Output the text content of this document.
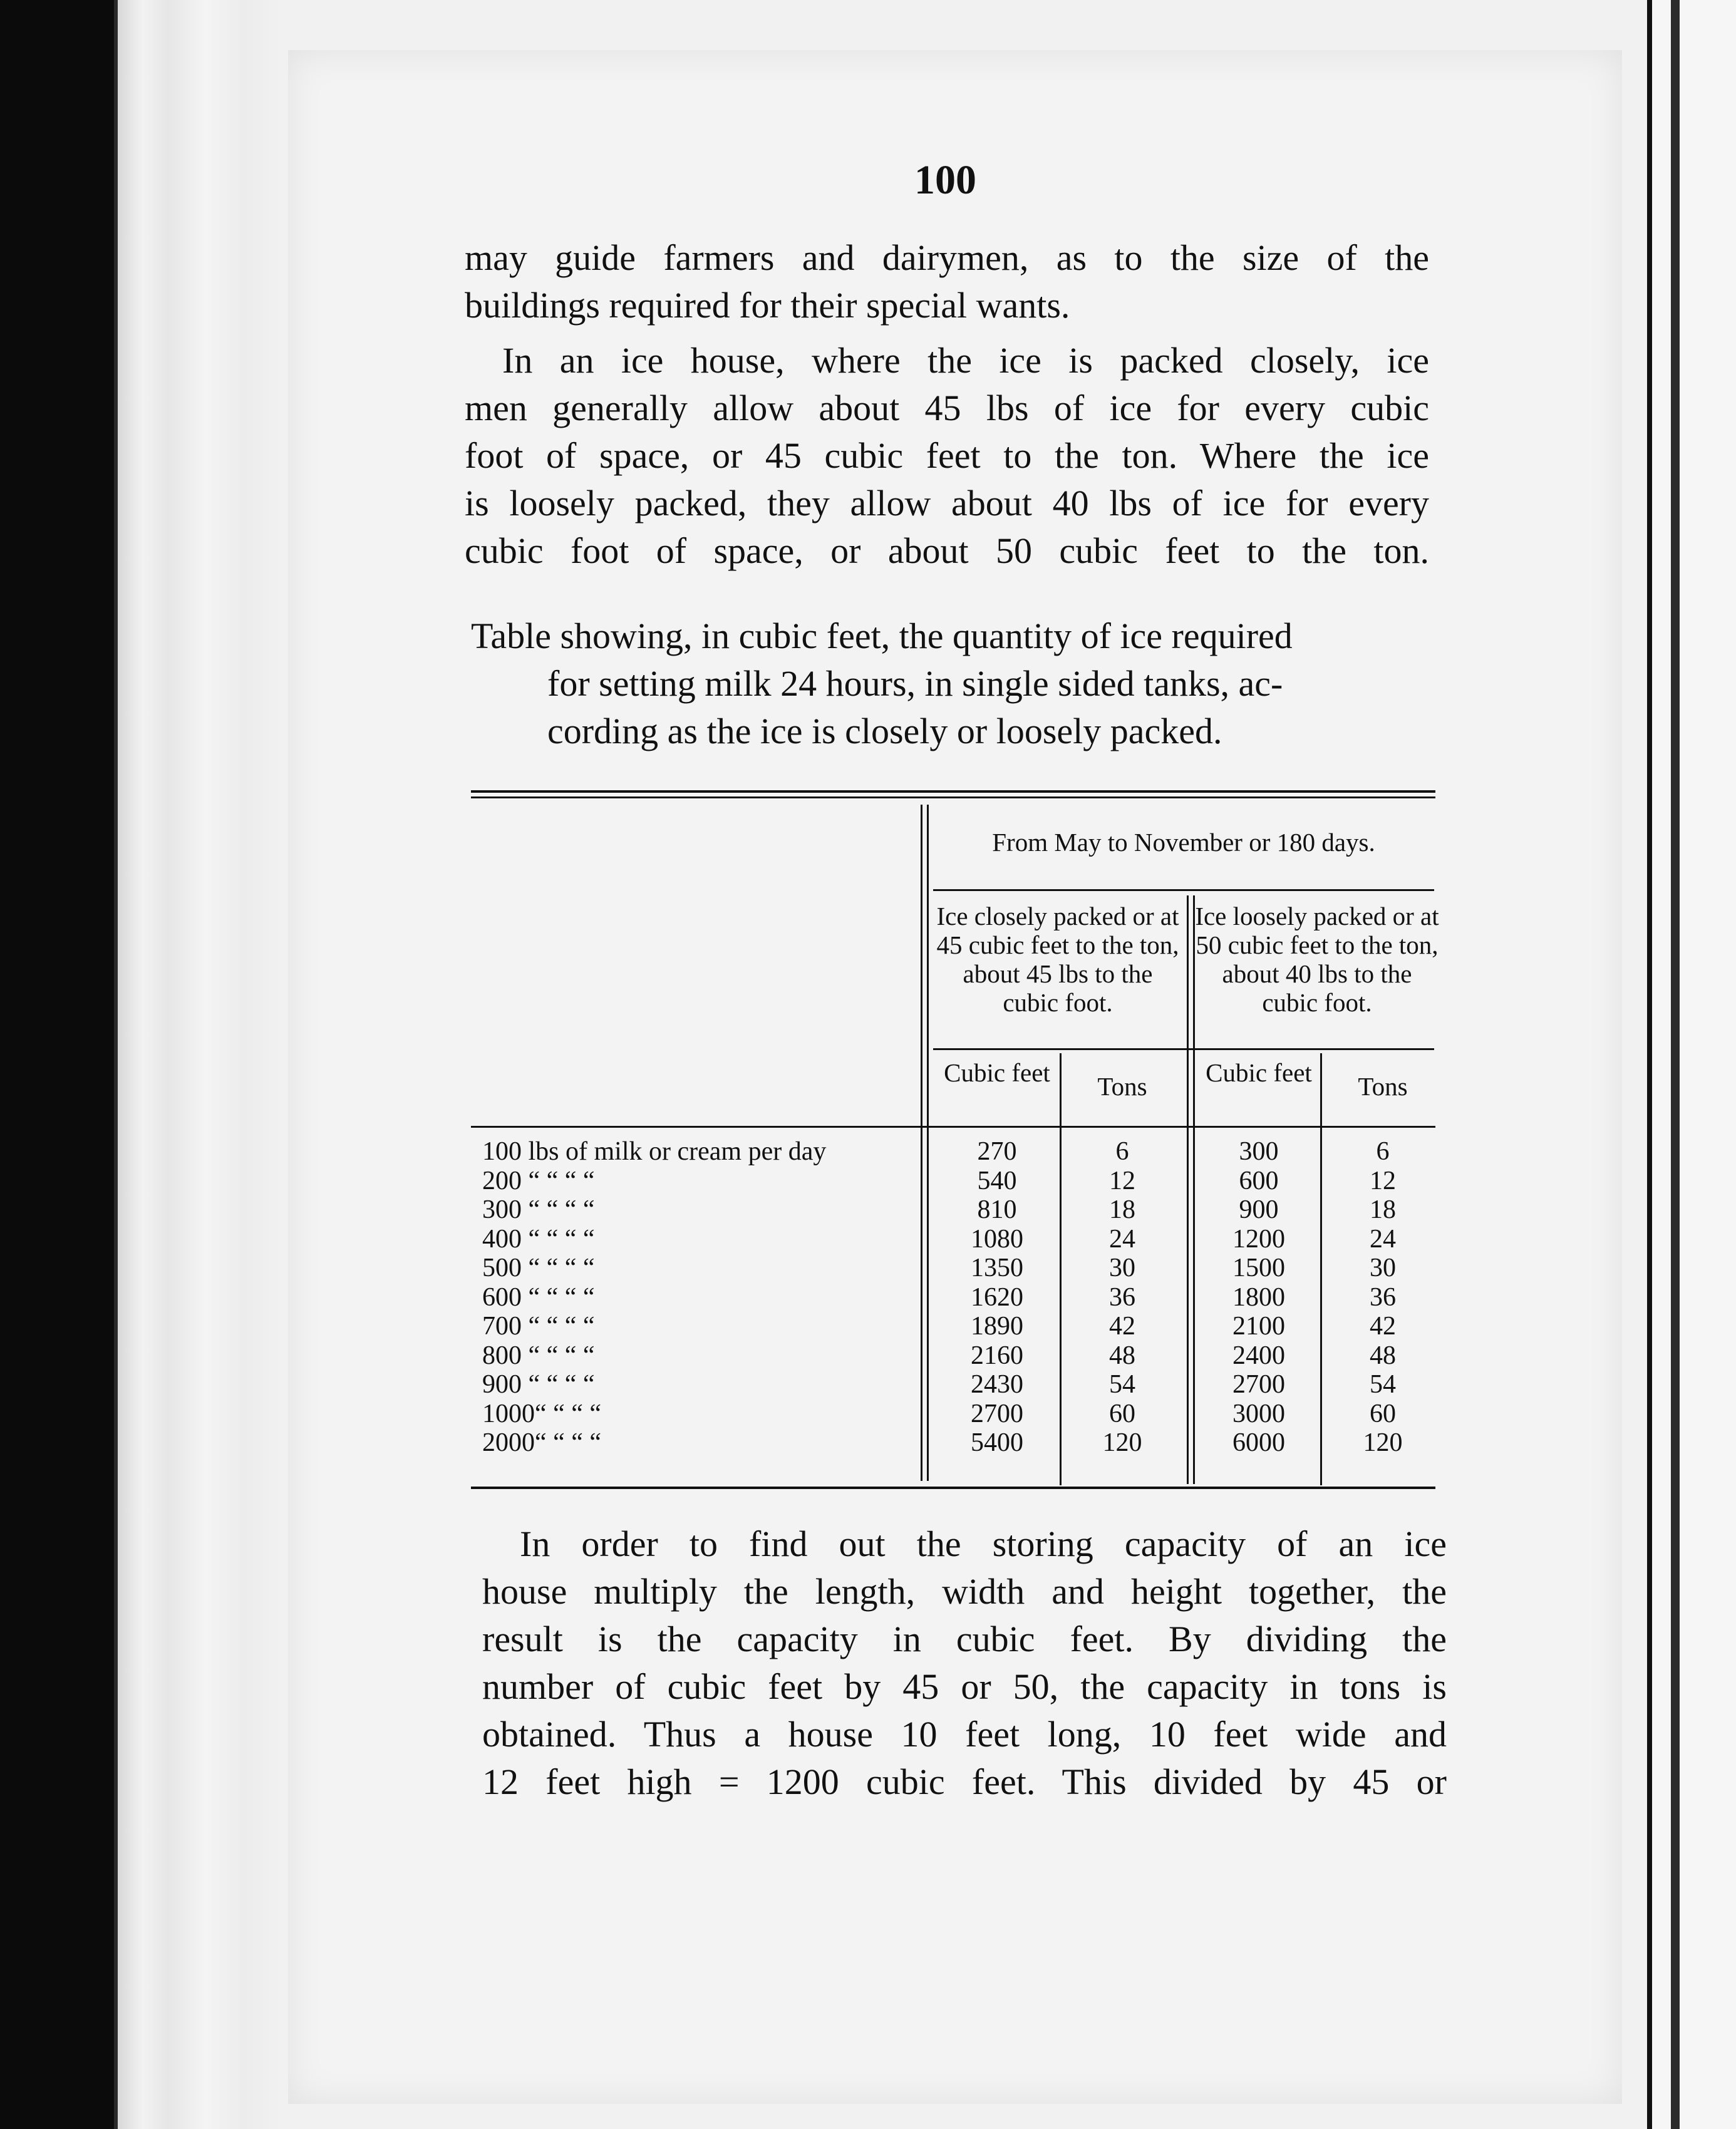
100
may guide farmers and dairymen, as to the size of the
buildings required for their special wants.
In an ice house, where the ice is packed closely, ice
men generally allow about 45 lbs of ice for every cubic
foot of space, or 45 cubic feet to the ton. Where the ice
is loosely packed, they allow about 40 lbs of ice for every
cubic foot of space, or about 50 cubic feet to the ton.
Table showing, in cubic feet, the quantity of ice required
for setting milk 24 hours, in single sided tanks, ac-
cording as the ice is closely or loosely packed.
From May to November or 180 days.
Ice closely packed or at 45 cubic feet to the ton, about 45 lbs to the cubic foot.
Ice loosely packed or at 50 cubic feet to the ton, about 40 lbs to the cubic foot.
Cubic feet	Tons	Cubic feet	Tons
100 lbs of milk or cream per day	270	6	300	6
200 “ “ “ “	540	12	600	12
300 “ “ “ “	810	18	900	18
400 “ “ “ “	1080	24	1200	24
500 “ “ “ “	1350	30	1500	30
600 “ “ “ “	1620	36	1800	36
700 “ “ “ “	1890	42	2100	42
800 “ “ “ “	2160	48	2400	48
900 “ “ “ “	2430	54	2700	54
1000“ “ “ “	2700	60	3000	60
2000“ “ “ “	5400	120	6000	120
In order to find out the storing capacity of an ice
house multiply the length, width and height together, the
result is the capacity in cubic feet. By dividing the
number of cubic feet by 45 or 50, the capacity in tons is
obtained. Thus a house 10 feet long, 10 feet wide and
12 feet high = 1200 cubic feet. This divided by 45 or
